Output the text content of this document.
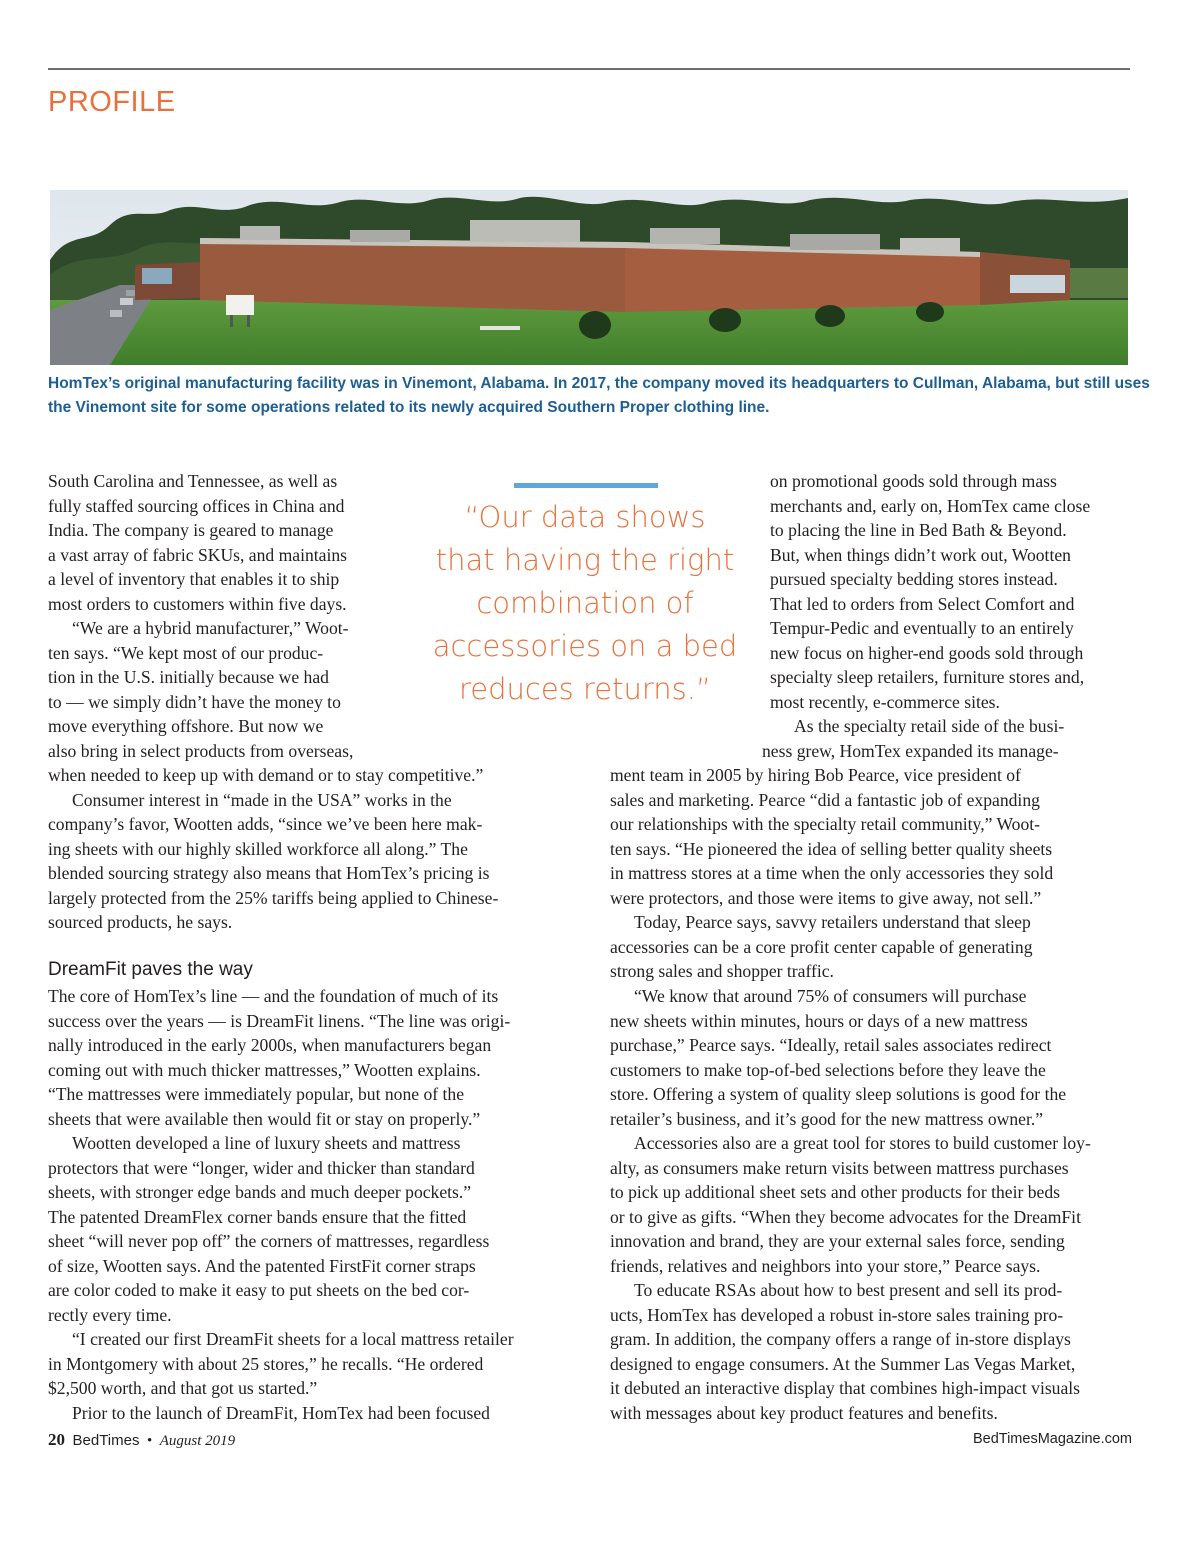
PROFILE

HomTex’s original manufacturing facility was in Vinemont, Alabama. In 2017, the company moved its headquarters to Cullman, Alabama, but still uses

the Vinemont site for some operations related to its newly acquired Southern Proper clothing line.

“Our data shows

that having the right

combination of

accessories on a bed

reduces returns.”

South Carolina and Tennessee, as well as

fully staffed sourcing offices in China and

India. The company is geared to manage

a vast array of fabric SKUs, and maintains

a level of inventory that enables it to ship

most orders to customers within five days.

“We are a hybrid manufacturer,” Woot-

ten says. “We kept most of our produc-

tion in the U.S. initially because we had

to — we simply didn’t have the money to

move everything offshore. But now we

also bring in select products from overseas,

when needed to keep up with demand or to stay competitive.”

Consumer interest in “made in the USA” works in the

company’s favor, Wootten adds, “since we’ve been here mak-

ing sheets with our highly skilled workforce all along.” The

blended sourcing strategy also means that HomTex’s pricing is

largely protected from the 25% tariffs being applied to Chinese-

sourced products, he says.

DreamFit paves the way

The core of HomTex’s line — and the foundation of much of its

success over the years — is DreamFit linens. “The line was origi-

nally introduced in the early 2000s, when manufacturers began

coming out with much thicker mattresses,” Wootten explains.

“The mattresses were immediately popular, but none of the

sheets that were available then would fit or stay on properly.”

Wootten developed a line of luxury sheets and mattress

protectors that were “longer, wider and thicker than standard

sheets, with stronger edge bands and much deeper pockets.”

The patented DreamFlex corner bands ensure that the fitted

sheet “will never pop off” the corners of mattresses, regardless

of size, Wootten says. And the patented FirstFit corner straps

are color coded to make it easy to put sheets on the bed cor-

rectly every time.

“I created our first DreamFit sheets for a local mattress retailer

in Montgomery with about 25 stores,” he recalls. “He ordered

$2,500 worth, and that got us started.”

Prior to the launch of DreamFit, HomTex had been focused

on promotional goods sold through mass

merchants and, early on, HomTex came close

to placing the line in Bed Bath & Beyond.

But, when things didn’t work out, Wootten

pursued specialty bedding stores instead.

That led to orders from Select Comfort and

Tempur-Pedic and eventually to an entirely

new focus on higher-end goods sold through

specialty sleep retailers, furniture stores and,

most recently, e-commerce sites.

As the specialty retail side of the busi-

ness grew, HomTex expanded its manage-

ment team in 2005 by hiring Bob Pearce, vice president of

sales and marketing. Pearce “did a fantastic job of expanding

our relationships with the specialty retail community,” Woot-

ten says. “He pioneered the idea of selling better quality sheets

in mattress stores at a time when the only accessories they sold

were protectors, and those were items to give away, not sell.”

Today, Pearce says, savvy retailers understand that sleep

accessories can be a core profit center capable of generating

strong sales and shopper traffic.

“We know that around 75% of consumers will purchase

new sheets within minutes, hours or days of a new mattress

purchase,” Pearce says. “Ideally, retail sales associates redirect

customers to make top-of-bed selections before they leave the

store. Offering a system of quality sleep solutions is good for the

retailer’s business, and it’s good for the new mattress owner.”

Accessories also are a great tool for stores to build customer loy-

alty, as consumers make return visits between mattress purchases

to pick up additional sheet sets and other products for their beds

or to give as gifts. “When they become advocates for the DreamFit

innovation and brand, they are your external sales force, sending

friends, relatives and neighbors into your store,” Pearce says.

To educate RSAs about how to best present and sell its prod-

ucts, HomTex has developed a robust in-store sales training pro-

gram. In addition, the company offers a range of in-store displays

designed to engage consumers. At the Summer Las Vegas Market,

it debuted an interactive display that combines high-impact visuals

with messages about key product features and benefits.

20 BedTimes • August 2019	BedTimesMagazine.com
